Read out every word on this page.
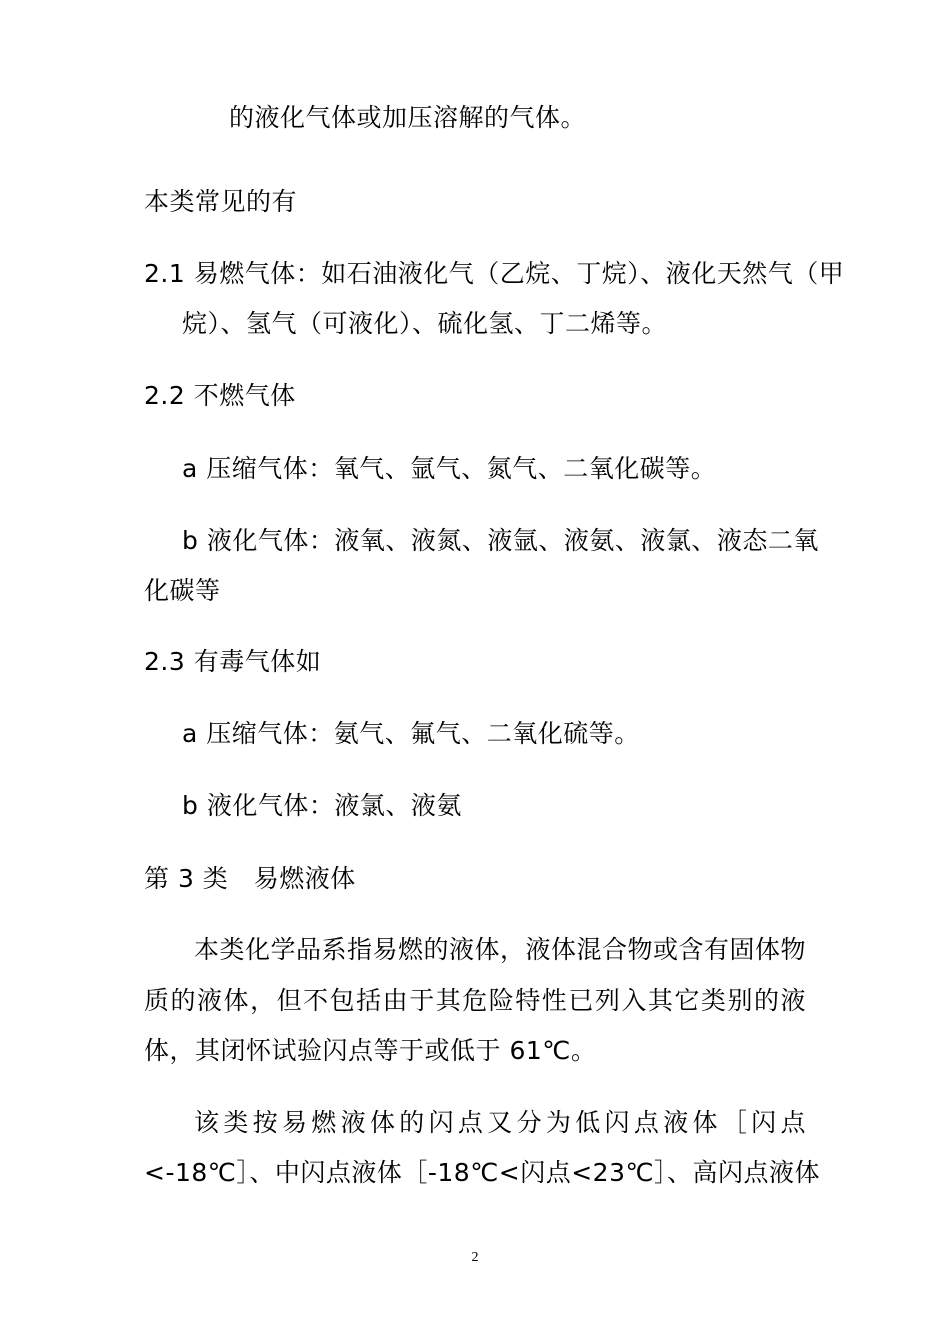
的液化气体或加压溶解的气体。
本类常见的有
2.1 易燃气体：如石油液化气（乙烷、丁烷）、液化天然气（甲
烷）、氢气（可液化）、硫化氢、丁二烯等。
2.2 不燃气体
a 压缩气体：氧气、氩气、氮气、二氧化碳等。
b 液化气体：液氧、液氮、液氩、液氨、液氯、液态二氧
化碳等
2.3 有毒气体如
a 压缩气体：氨气、氟气、二氧化硫等。
b 液化气体：液氯、液氨
第 3 类　易燃液体
本类化学品系指易燃的液体，液体混合物或含有固体物
质的液体，但不包括由于其危险特性已列入其它类别的液
体，其闭怀试验闪点等于或低于 61℃。
该类按易燃液体的闪点又分为低闪点液体［闪点
<-18℃］、中闪点液体［-18℃<闪点<23℃］、高闪点液体
2
